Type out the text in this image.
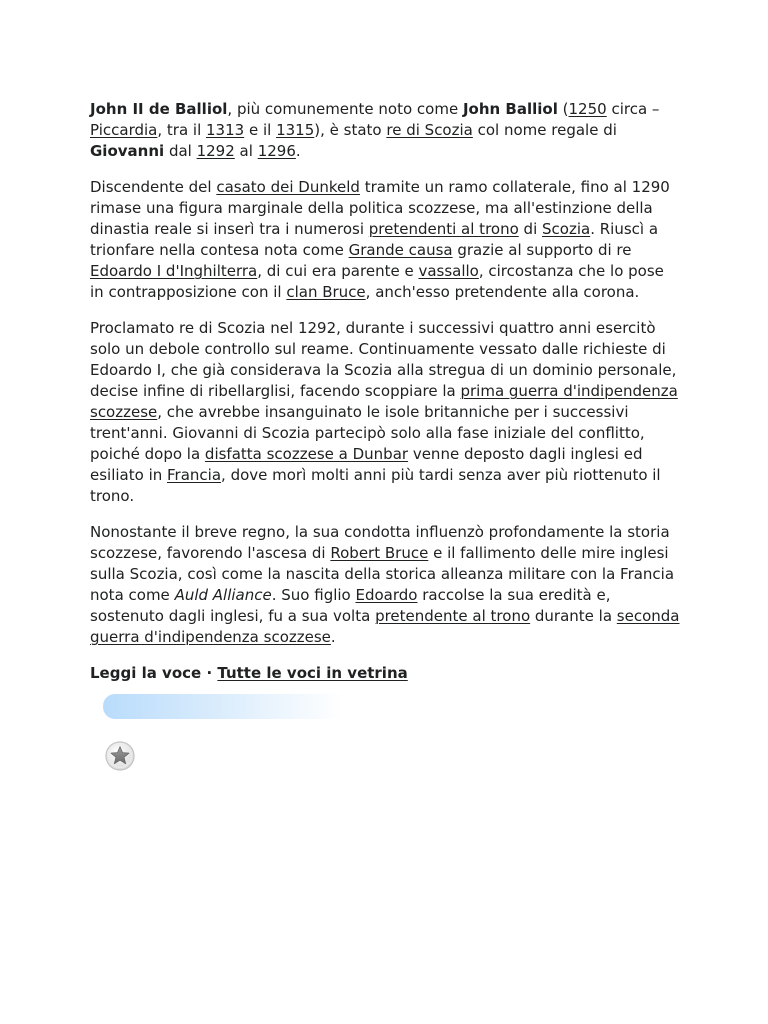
John II de Balliol, più comunemente noto come John Balliol (1250 circa – Piccardia, tra il 1313 e il 1315), è stato re di Scozia col nome regale di Giovanni dal 1292 al 1296.

Discendente del casato dei Dunkeld tramite un ramo collaterale, fino al 1290 rimase una figura marginale della politica scozzese, ma all'estinzione della dinastia reale si inserì tra i numerosi pretendenti al trono di Scozia. Riuscì a trionfare nella contesa nota come Grande causa grazie al supporto di re Edoardo I d'Inghilterra, di cui era parente e vassallo, circostanza che lo pose in contrapposizione con il clan Bruce, anch'esso pretendente alla corona.

Proclamato re di Scozia nel 1292, durante i successivi quattro anni esercitò solo un debole controllo sul reame. Continuamente vessato dalle richieste di Edoardo I, che già considerava la Scozia alla stregua di un dominio personale, decise infine di ribellarglisi, facendo scoppiare la prima guerra d'indipendenza scozzese, che avrebbe insanguinato le isole britanniche per i successivi trent'anni. Giovanni di Scozia partecipò solo alla fase iniziale del conflitto, poiché dopo la disfatta scozzese a Dunbar venne deposto dagli inglesi ed esiliato in Francia, dove morì molti anni più tardi senza aver più riottenuto il trono.

Nonostante il breve regno, la sua condotta influenzò profondamente la storia scozzese, favorendo l'ascesa di Robert Bruce e il fallimento delle mire inglesi sulla Scozia, così come la nascita della storica alleanza militare con la Francia nota come Auld Alliance. Suo figlio Edoardo raccolse la sua eredità e, sostenuto dagli inglesi, fu a sua volta pretendente al trono durante la seconda guerra d'indipendenza scozzese.

Leggi la voce · Tutte le voci in vetrina
